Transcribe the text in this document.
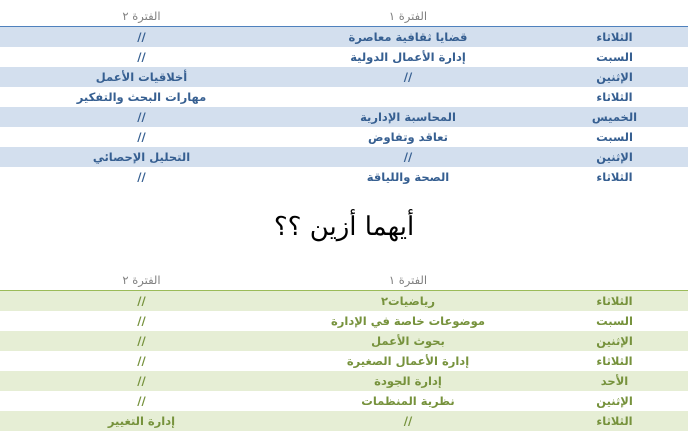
الفترة ١
الفترة ٢
الثلاثاء
قضايا ثقافية معاصرة
//
السبت
إدارة الأعمال الدولية
//
الإثنين
//
أخلاقيات الأعمل
الثلاثاء
مهارات البحث والتفكير
الخميس
المحاسبة الإدارية
//
السبت
تعاقد وتفاوض
//
الإثنين
//
التحليل الإحصائي
الثلاثاء
الصحة واللياقة
//
أيهما أزين ؟؟
الفترة ١
الفترة ٢
الثلاثاء
رياضيات٢
//
السبت
موضوعات خاصة في الإدارة
//
الإثنين
بحوث الأعمل
//
الثلاثاء
إدارة الأعمال الصغيرة
//
الأحد
إدارة الجودة
//
الإثنين
نظرية المنظمات
//
الثلاثاء
//
إدارة التغيير
